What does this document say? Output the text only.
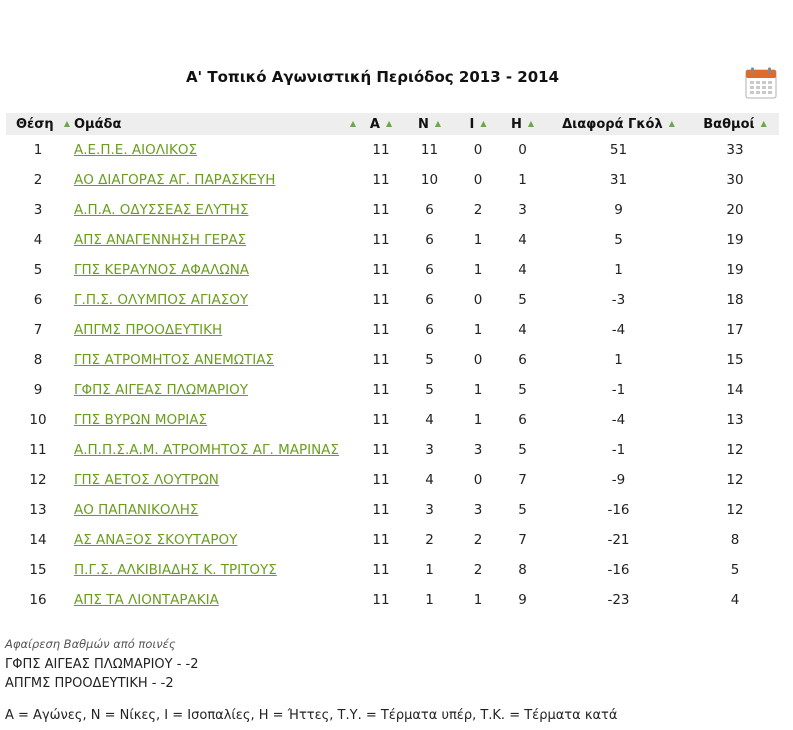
Α' Τοπικό Αγωνιστική Περιόδος 2013 - 2014
Θέση ▲	Ομάδα ▲	Α ▲	Ν ▲	Ι ▲	Η ▲	Διαφορά Γκόλ ▲	Βαθμοί ▲

1	Α.Ε.Π.Ε. ΑΙΟΛΙΚΟΣ	11	11	0	0	51	33
2	ΑΟ ΔΙΑΓΟΡΑΣ ΑΓ. ΠΑΡΑΣΚΕΥΗ	11	10	0	1	31	30
3	Α.Π.Α. ΟΔΥΣΣΕΑΣ ΕΛΥΤΗΣ	11	6	2	3	9	20
4	ΑΠΣ ΑΝΑΓΕΝΝΗΣΗ ΓΕΡΑΣ	11	6	1	4	5	19
5	ΓΠΣ ΚΕΡΑΥΝΟΣ ΑΦΑΛΩΝΑ	11	6	1	4	1	19
6	Γ.Π.Σ. ΟΛΥΜΠΟΣ ΑΓΙΑΣΟΥ	11	6	0	5	-3	18
7	ΑΠΓΜΣ ΠΡΟΟΔΕΥΤΙΚΗ	11	6	1	4	-4	17
8	ΓΠΣ ΑΤΡΟΜΗΤΟΣ ΑΝΕΜΩΤΙΑΣ	11	5	0	6	1	15
9	ΓΦΠΣ ΑΙΓΕΑΣ ΠΛΩΜΑΡΙΟΥ	11	5	1	5	-1	14
10	ΓΠΣ ΒΥΡΩΝ ΜΟΡΙΑΣ	11	4	1	6	-4	13
11	Α.Π.Π.Σ.Α.Μ. ΑΤΡΟΜΗΤΟΣ ΑΓ. ΜΑΡΙΝΑΣ	11	3	3	5	-1	12
12	ΓΠΣ ΑΕΤΟΣ ΛΟΥΤΡΩΝ	11	4	0	7	-9	12
13	ΑΟ ΠΑΠΑΝΙΚΟΛΗΣ	11	3	3	5	-16	12
14	ΑΣ ΑΝΑΞΟΣ ΣΚΟΥΤΑΡΟΥ	11	2	2	7	-21	8
15	Π.Γ.Σ. ΑΛΚΙΒΙΑΔΗΣ Κ. ΤΡΙΤΟΥΣ	11	1	2	8	-16	5
16	ΑΠΣ ΤΑ ΛΙΟΝΤΑΡΑΚΙΑ	11	1	1	9	-23	4
Αφαίρεση Βαθμών από ποινές
ΓΦΠΣ ΑΙΓΕΑΣ ΠΛΩΜΑΡΙΟΥ - -2
ΑΠΓΜΣ ΠΡΟΟΔΕΥΤΙΚΗ - -2
Α = Αγώνες, Ν = Νίκες, Ι = Ισοπαλίες, Η = Ήττες, Τ.Υ. = Τέρματα υπέρ, Τ.Κ. = Τέρματα κατά
